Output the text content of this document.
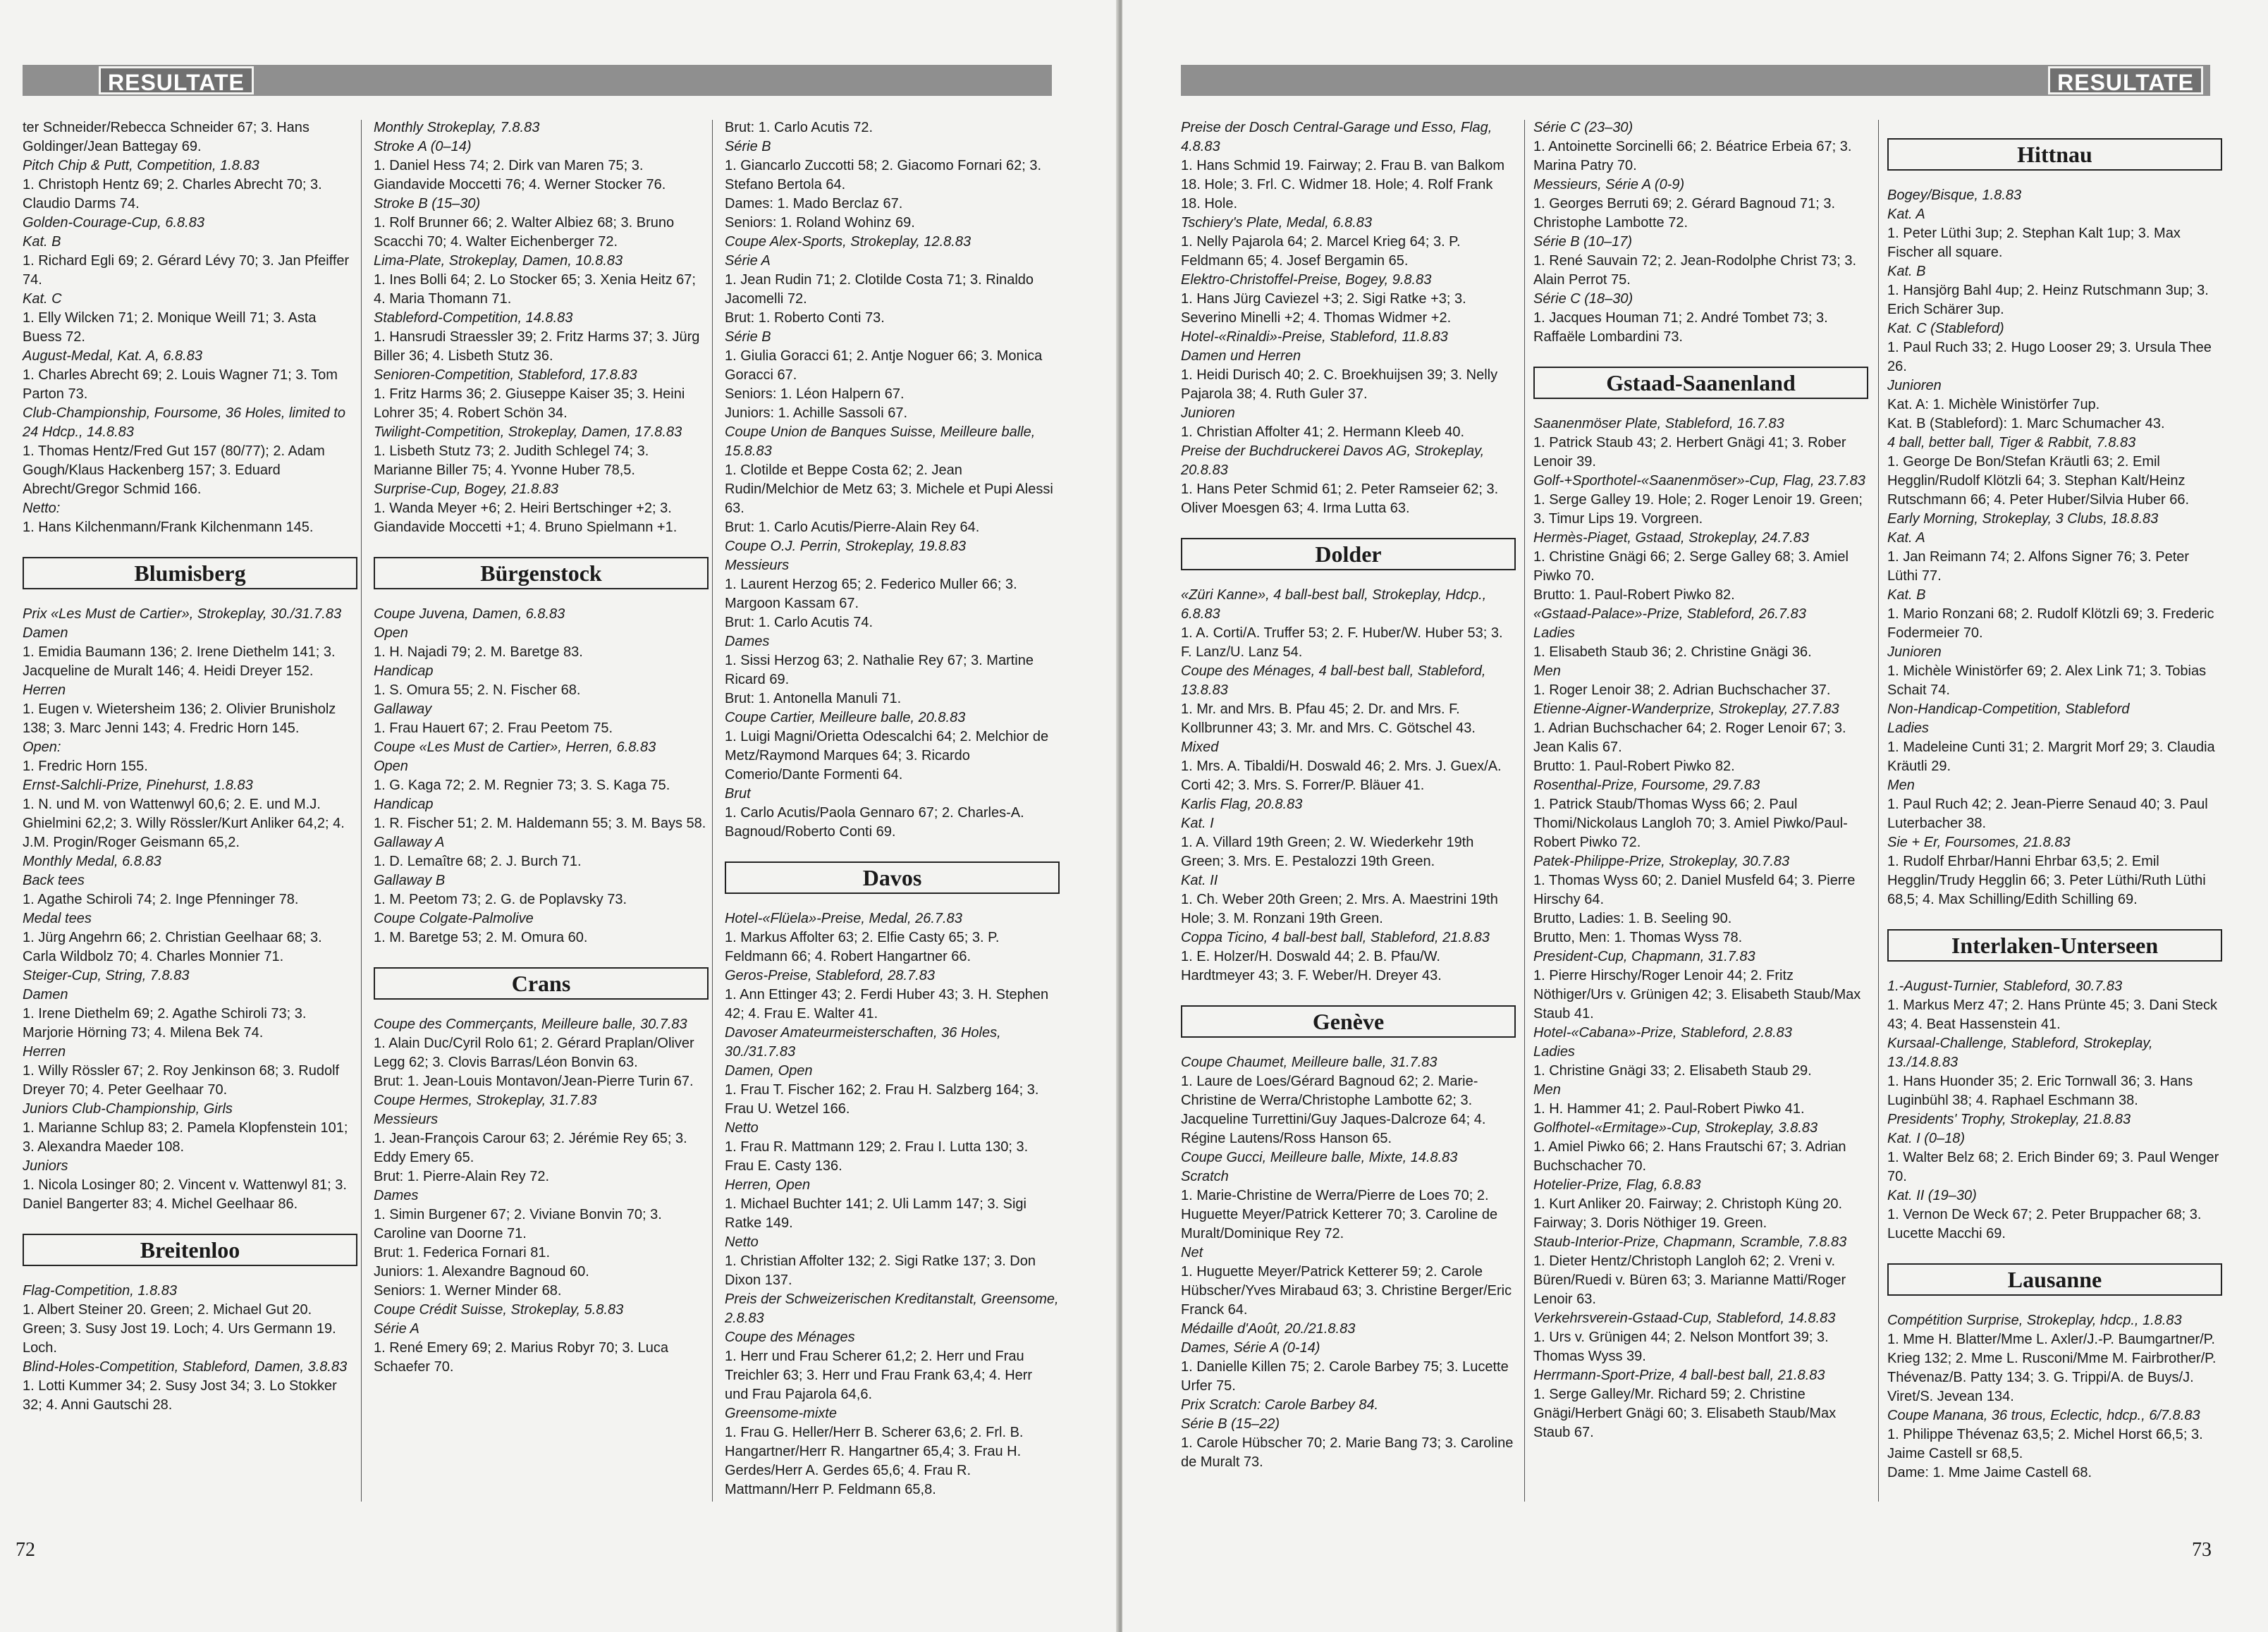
RESULTATE
ter Schneider/Rebecca Schneider 67; 3. Hans Goldinger/Jean Battegay 69.
Pitch Chip & Putt, Competition, 1.8.83
1. Christoph Hentz 69; 2. Charles Abrecht 70; 3. Claudio Darms 74.
Golden-Courage-Cup, 6.8.83
Kat. B
1. Richard Egli 69; 2. Gérard Lévy 70; 3. Jan Pfeiffer 74.
Kat. C
1. Elly Wilcken 71; 2. Monique Weill 71; 3. Asta Buess 72.
August-Medal, Kat. A, 6.8.83
1. Charles Abrecht 69; 2. Louis Wagner 71; 3. Tom Parton 73.
Club-Championship, Foursome, 36 Holes, limited to 24 Hdcp., 14.8.83
1. Thomas Hentz/Fred Gut 157 (80/77); 2. Adam Gough/Klaus Hackenberg 157; 3. Eduard Abrecht/Gregor Schmid 166.
Netto:
1. Hans Kilchenmann/Frank Kilchenmann 145.
Blumisberg
Prix «Les Must de Cartier», Strokeplay, 30./31.7.83
Damen
1. Emidia Baumann 136; 2. Irene Diethelm 141; 3. Jacqueline de Muralt 146; 4. Heidi Dreyer 152.
Herren
1. Eugen v. Wietersheim 136; 2. Olivier Brunisholz 138; 3. Marc Jenni 143; 4. Fredric Horn 145.
Open:
1. Fredric Horn 155.
Ernst-Salchli-Prize, Pinehurst, 1.8.83
1. N. und M. von Wattenwyl 60,6; 2. E. und M.J. Ghielmini 62,2; 3. Willy Rössler/Kurt Anliker 64,2; 4. J.M. Progin/Roger Geismann 65,2.
Monthly Medal, 6.8.83
Back tees
1. Agathe Schiroli 74; 2. Inge Pfenninger 78.
Medal tees
1. Jürg Angehrn 66; 2. Christian Geelhaar 68; 3. Carla Wildbolz 70; 4. Charles Monnier 71.
Steiger-Cup, String, 7.8.83
Damen
1. Irene Diethelm 69; 2. Agathe Schiroli 73; 3. Marjorie Hörning 73; 4. Milena Bek 74.
Herren
1. Willy Rössler 67; 2. Roy Jenkinson 68; 3. Rudolf Dreyer 70; 4. Peter Geelhaar 70.
Juniors Club-Championship, Girls
1. Marianne Schlup 83; 2. Pamela Klopfenstein 101; 3. Alexandra Maeder 108.
Juniors
1. Nicola Losinger 80; 2. Vincent v. Wattenwyl 81; 3. Daniel Bangerter 83; 4. Michel Geelhaar 86.
Breitenloo
Flag-Competition, 1.8.83
1. Albert Steiner 20. Green; 2. Michael Gut 20. Green; 3. Susy Jost 19. Loch; 4. Urs Germann 19. Loch.
Blind-Holes-Competition, Stableford, Damen, 3.8.83
1. Lotti Kummer 34; 2. Susy Jost 34; 3. Lo Stokker 32; 4. Anni Gautschi 28.
Monthly Strokeplay, 7.8.83
Stroke A (0–14)
1. Daniel Hess 74; 2. Dirk van Maren 75; 3. Giandavide Moccetti 76; 4. Werner Stocker 76.
Stroke B (15–30)
1. Rolf Brunner 66; 2. Walter Albiez 68; 3. Bruno Scacchi 70; 4. Walter Eichenberger 72.
Lima-Plate, Strokeplay, Damen, 10.8.83
1. Ines Bolli 64; 2. Lo Stocker 65; 3. Xenia Heitz 67; 4. Maria Thomann 71.
Stableford-Competition, 14.8.83
1. Hansrudi Straessler 39; 2. Fritz Harms 37; 3. Jürg Biller 36; 4. Lisbeth Stutz 36.
Senioren-Competition, Stableford, 17.8.83
1. Fritz Harms 36; 2. Giuseppe Kaiser 35; 3. Heini Lohrer 35; 4. Robert Schön 34.
Twilight-Competition, Strokeplay, Damen, 17.8.83
1. Lisbeth Stutz 73; 2. Judith Schlegel 74; 3. Marianne Biller 75; 4. Yvonne Huber 78,5.
Surprise-Cup, Bogey, 21.8.83
1. Wanda Meyer +6; 2. Heiri Bertschinger +2; 3. Giandavide Moccetti +1; 4. Bruno Spielmann +1.
Bürgenstock
Coupe Juvena, Damen, 6.8.83
Open
1. H. Najadi 79; 2. M. Baretge 83.
Handicap
1. S. Omura 55; 2. N. Fischer 68.
Gallaway
1. Frau Hauert 67; 2. Frau Peetom 75.
Coupe «Les Must de Cartier», Herren, 6.8.83
Open
1. G. Kaga 72; 2. M. Regnier 73; 3. S. Kaga 75.
Handicap
1. R. Fischer 51; 2. M. Haldemann 55; 3. M. Bays 58.
Gallaway A
1. D. Lemaître 68; 2. J. Burch 71.
Gallaway B
1. M. Peetom 73; 2. G. de Poplavsky 73.
Coupe Colgate-Palmolive
1. M. Baretge 53; 2. M. Omura 60.
Crans
Coupe des Commerçants, Meilleure balle, 30.7.83
1. Alain Duc/Cyril Rolo 61; 2. Gérard Praplan/Oliver Legg 62; 3. Clovis Barras/Léon Bonvin 63.
Brut: 1. Jean-Louis Montavon/Jean-Pierre Turin 67.
Coupe Hermes, Strokeplay, 31.7.83
Messieurs
1. Jean-François Carour 63; 2. Jérémie Rey 65; 3. Eddy Emery 65.
Brut: 1. Pierre-Alain Rey 72.
Dames
1. Simin Burgener 67; 2. Viviane Bonvin 70; 3. Caroline van Doorne 71.
Brut: 1. Federica Fornari 81.
Juniors: 1. Alexandre Bagnoud 60.
Seniors: 1. Werner Minder 68.
Coupe Crédit Suisse, Strokeplay, 5.8.83
Série A
1. René Emery 69; 2. Marius Robyr 70; 3. Luca Schaefer 70.
Brut: 1. Carlo Acutis 72.
Série B
1. Giancarlo Zuccotti 58; 2. Giacomo Fornari 62; 3. Stefano Bertola 64.
Dames: 1. Mado Berclaz 67.
Seniors: 1. Roland Wohinz 69.
Coupe Alex-Sports, Strokeplay, 12.8.83
Série A
1. Jean Rudin 71; 2. Clotilde Costa 71; 3. Rinaldo Jacomelli 72.
Brut: 1. Roberto Conti 73.
Série B
1. Giulia Goracci 61; 2. Antje Noguer 66; 3. Monica Goracci 67.
Seniors: 1. Léon Halpern 67.
Juniors: 1. Achille Sassoli 67.
Coupe Union de Banques Suisse, Meilleure balle, 15.8.83
1. Clotilde et Beppe Costa 62; 2. Jean Rudin/Melchior de Metz 63; 3. Michele et Pupi Alessi 63.
Brut: 1. Carlo Acutis/Pierre-Alain Rey 64.
Coupe O.J. Perrin, Strokeplay, 19.8.83
Messieurs
1. Laurent Herzog 65; 2. Federico Muller 66; 3. Margoon Kassam 67.
Brut: 1. Carlo Acutis 74.
Dames
1. Sissi Herzog 63; 2. Nathalie Rey 67; 3. Martine Ricard 69.
Brut: 1. Antonella Manuli 71.
Coupe Cartier, Meilleure balle, 20.8.83
1. Luigi Magni/Orietta Odescalchi 64; 2. Melchior de Metz/Raymond Marques 64; 3. Ricardo Comerio/Dante Formenti 64.
Brut
1. Carlo Acutis/Paola Gennaro 67; 2. Charles-A. Bagnoud/Roberto Conti 69.
Davos
Hotel-«Flüela»-Preise, Medal, 26.7.83
1. Markus Affolter 63; 2. Elfie Casty 65; 3. P. Feldmann 66; 4. Robert Hangartner 66.
Geros-Preise, Stableford, 28.7.83
1. Ann Ettinger 43; 2. Ferdi Huber 43; 3. H. Stephen 42; 4. Frau E. Walter 41.
Davoser Amateurmeisterschaften, 36 Holes, 30./31.7.83
Damen, Open
1. Frau T. Fischer 162; 2. Frau H. Salzberg 164; 3. Frau U. Wetzel 166.
Netto
1. Frau R. Mattmann 129; 2. Frau I. Lutta 130; 3. Frau E. Casty 136.
Herren, Open
1. Michael Buchter 141; 2. Uli Lamm 147; 3. Sigi Ratke 149.
Netto
1. Christian Affolter 132; 2. Sigi Ratke 137; 3. Don Dixon 137.
Preis der Schweizerischen Kreditanstalt, Greensome, 2.8.83
Coupe des Ménages
1. Herr und Frau Scherer 61,2; 2. Herr und Frau Treichler 63; 3. Herr und Frau Frank 63,4; 4. Herr und Frau Pajarola 64,6.
Greensome-mixte
1. Frau G. Heller/Herr B. Scherer 63,6; 2. Frl. B. Hangartner/Herr R. Hangartner 65,4; 3. Frau H. Gerdes/Herr A. Gerdes 65,6; 4. Frau R. Mattmann/Herr P. Feldmann 65,8.
72
RESULTATE
Preise der Dosch Central-Garage und Esso, Flag, 4.8.83
1. Hans Schmid 19. Fairway; 2. Frau B. van Balkom 18. Hole; 3. Frl. C. Widmer 18. Hole; 4. Rolf Frank 18. Hole.
Tschiery's Plate, Medal, 6.8.83
1. Nelly Pajarola 64; 2. Marcel Krieg 64; 3. P. Feldmann 65; 4. Josef Bergamin 65.
Elektro-Christoffel-Preise, Bogey, 9.8.83
1. Hans Jürg Caviezel +3; 2. Sigi Ratke +3; 3. Severino Minelli +2; 4. Thomas Widmer +2.
Hotel-«Rinaldi»-Preise, Stableford, 11.8.83
Damen und Herren
1. Heidi Durisch 40; 2. C. Broekhuijsen 39; 3. Nelly Pajarola 38; 4. Ruth Guler 37.
Junioren
1. Christian Affolter 41; 2. Hermann Kleeb 40.
Preise der Buchdruckerei Davos AG, Strokeplay, 20.8.83
1. Hans Peter Schmid 61; 2. Peter Ramseier 62; 3. Oliver Moesgen 63; 4. Irma Lutta 63.
Dolder
«Züri Kanne», 4 ball-best ball, Strokeplay, Hdcp., 6.8.83
1. A. Corti/A. Truffer 53; 2. F. Huber/W. Huber 53; 3. F. Lanz/U. Lanz 54.
Coupe des Ménages, 4 ball-best ball, Stableford, 13.8.83
1. Mr. and Mrs. B. Pfau 45; 2. Dr. and Mrs. F. Kollbrunner 43; 3. Mr. and Mrs. C. Götschel 43.
Mixed
1. Mrs. A. Tibaldi/H. Doswald 46; 2. Mrs. J. Guex/A. Corti 42; 3. Mrs. S. Forrer/P. Bläuer 41.
Karlis Flag, 20.8.83
Kat. I
1. A. Villard 19th Green; 2. W. Wiederkehr 19th Green; 3. Mrs. E. Pestalozzi 19th Green.
Kat. II
1. Ch. Weber 20th Green; 2. Mrs. A. Maestrini 19th Hole; 3. M. Ronzani 19th Green.
Coppa Ticino, 4 ball-best ball, Stableford, 21.8.83
1. E. Holzer/H. Doswald 44; 2. B. Pfau/W. Hardtmeyer 43; 3. F. Weber/H. Dreyer 43.
Genève
Coupe Chaumet, Meilleure balle, 31.7.83
1. Laure de Loes/Gérard Bagnoud 62; 2. Marie-Christine de Werra/Christophe Lambotte 62; 3. Jacqueline Turrettini/Guy Jaques-Dalcroze 64; 4. Régine Lautens/Ross Hanson 65.
Coupe Gucci, Meilleure balle, Mixte, 14.8.83
Scratch
1. Marie-Christine de Werra/Pierre de Loes 70; 2. Huguette Meyer/Patrick Ketterer 70; 3. Caroline de Muralt/Dominique Rey 72.
Net
1. Huguette Meyer/Patrick Ketterer 59; 2. Carole Hübscher/Yves Mirabaud 63; 3. Christine Berger/Eric Franck 64.
Médaille d'Août, 20./21.8.83
Dames, Série A (0-14)
1. Danielle Killen 75; 2. Carole Barbey 75; 3. Lucette Urfer 75.
Prix Scratch: Carole Barbey 84.
Série B (15–22)
1. Carole Hübscher 70; 2. Marie Bang 73; 3. Caroline de Muralt 73.
Série C (23–30)
1. Antoinette Sorcinelli 66; 2. Béatrice Erbeia 67; 3. Marina Patry 70.
Messieurs, Série A (0-9)
1. Georges Berruti 69; 2. Gérard Bagnoud 71; 3. Christophe Lambotte 72.
Série B (10–17)
1. René Sauvain 72; 2. Jean-Rodolphe Christ 73; 3. Alain Perrot 75.
Série C (18–30)
1. Jacques Houman 71; 2. André Tombet 73; 3. Raffaële Lombardini 73.
Gstaad-Saanenland
Saanenmöser Plate, Stableford, 16.7.83
1. Patrick Staub 43; 2. Herbert Gnägi 41; 3. Rober Lenoir 39.
Golf-+Sporthotel-«Saanenmöser»-Cup, Flag, 23.7.83
1. Serge Galley 19. Hole; 2. Roger Lenoir 19. Green; 3. Timur Lips 19. Vorgreen.
Hermès-Piaget, Gstaad, Strokeplay, 24.7.83
1. Christine Gnägi 66; 2. Serge Galley 68; 3. Amiel Piwko 70.
Brutto: 1. Paul-Robert Piwko 82.
«Gstaad-Palace»-Prize, Stableford, 26.7.83
Ladies
1. Elisabeth Staub 36; 2. Christine Gnägi 36.
Men
1. Roger Lenoir 38; 2. Adrian Buchschacher 37.
Etienne-Aigner-Wanderprize, Strokeplay, 27.7.83
1. Adrian Buchschacher 64; 2. Roger Lenoir 67; 3. Jean Kalis 67.
Brutto: 1. Paul-Robert Piwko 82.
Rosenthal-Prize, Foursome, 29.7.83
1. Patrick Staub/Thomas Wyss 66; 2. Paul Thomi/Nickolaus Langloh 70; 3. Amiel Piwko/Paul-Robert Piwko 72.
Patek-Philippe-Prize, Strokeplay, 30.7.83
1. Thomas Wyss 60; 2. Daniel Musfeld 64; 3. Pierre Hirschy 64.
Brutto, Ladies: 1. B. Seeling 90.
Brutto, Men: 1. Thomas Wyss 78.
President-Cup, Chapmann, 31.7.83
1. Pierre Hirschy/Roger Lenoir 44; 2. Fritz Nöthiger/Urs v. Grünigen 42; 3. Elisabeth Staub/Max Staub 41.
Hotel-«Cabana»-Prize, Stableford, 2.8.83
Ladies
1. Christine Gnägi 33; 2. Elisabeth Staub 29.
Men
1. H. Hammer 41; 2. Paul-Robert Piwko 41.
Golfhotel-«Ermitage»-Cup, Strokeplay, 3.8.83
1. Amiel Piwko 66; 2. Hans Frautschi 67; 3. Adrian Buchschacher 70.
Hotelier-Prize, Flag, 6.8.83
1. Kurt Anliker 20. Fairway; 2. Christoph Küng 20. Fairway; 3. Doris Nöthiger 19. Green.
Staub-Interior-Prize, Chapmann, Scramble, 7.8.83
1. Dieter Hentz/Christoph Langloh 62; 2. Vreni v. Büren/Ruedi v. Büren 63; 3. Marianne Matti/Roger Lenoir 63.
Verkehrsverein-Gstaad-Cup, Stableford, 14.8.83
1. Urs v. Grünigen 44; 2. Nelson Montfort 39; 3. Thomas Wyss 39.
Herrmann-Sport-Prize, 4 ball-best ball, 21.8.83
1. Serge Galley/Mr. Richard 59; 2. Christine Gnägi/Herbert Gnägi 60; 3. Elisabeth Staub/Max Staub 67.
Hittnau
Bogey/Bisque, 1.8.83
Kat. A
1. Peter Lüthi 3up; 2. Stephan Kalt 1up; 3. Max Fischer all square.
Kat. B
1. Hansjörg Bahl 4up; 2. Heinz Rutschmann 3up; 3. Erich Schärer 3up.
Kat. C (Stableford)
1. Paul Ruch 33; 2. Hugo Looser 29; 3. Ursula Thee 26.
Junioren
Kat. A: 1. Michèle Winistörfer 7up.
Kat. B (Stableford): 1. Marc Schumacher 43.
4 ball, better ball, Tiger & Rabbit, 7.8.83
1. George De Bon/Stefan Kräutli 63; 2. Emil Hegglin/Rudolf Klötzli 64; 3. Stephan Kalt/Heinz Rutschmann 66; 4. Peter Huber/Silvia Huber 66.
Early Morning, Strokeplay, 3 Clubs, 18.8.83
Kat. A
1. Jan Reimann 74; 2. Alfons Signer 76; 3. Peter Lüthi 77.
Kat. B
1. Mario Ronzani 68; 2. Rudolf Klötzli 69; 3. Frederic Fodermeier 70.
Junioren
1. Michèle Winistörfer 69; 2. Alex Link 71; 3. Tobias Schait 74.
Non-Handicap-Competition, Stableford
Ladies
1. Madeleine Cunti 31; 2. Margrit Morf 29; 3. Claudia Kräutli 29.
Men
1. Paul Ruch 42; 2. Jean-Pierre Senaud 40; 3. Paul Luterbacher 38.
Sie + Er, Foursomes, 21.8.83
1. Rudolf Ehrbar/Hanni Ehrbar 63,5; 2. Emil Hegglin/Trudy Hegglin 66; 3. Peter Lüthi/Ruth Lüthi 68,5; 4. Max Schilling/Edith Schilling 69.
Interlaken-Unterseen
1.-August-Turnier, Stableford, 30.7.83
1. Markus Merz 47; 2. Hans Prünte 45; 3. Dani Steck 43; 4. Beat Hassenstein 41.
Kursaal-Challenge, Stableford, Strokeplay, 13./14.8.83
1. Hans Huonder 35; 2. Eric Tornwall 36; 3. Hans Luginbühl 38; 4. Raphael Eschmann 38.
Presidents' Trophy, Strokeplay, 21.8.83
Kat. I (0–18)
1. Walter Belz 68; 2. Erich Binder 69; 3. Paul Wenger 70.
Kat. II (19–30)
1. Vernon De Weck 67; 2. Peter Bruppacher 68; 3. Lucette Macchi 69.
Lausanne
Compétition Surprise, Strokeplay, hdcp., 1.8.83
1. Mme H. Blatter/Mme L. Axler/J.-P. Baumgartner/P. Krieg 132; 2. Mme L. Rusconi/Mme M. Fairbrother/P. Thévenaz/B. Patty 134; 3. G. Trippi/A. de Buys/J. Viret/S. Jevean 134.
Coupe Manana, 36 trous, Eclectic, hdcp., 6/7.8.83
1. Philippe Thévenaz 63,5; 2. Michel Horst 66,5; 3. Jaime Castell sr 68,5.
Dame: 1. Mme Jaime Castell 68.
73
